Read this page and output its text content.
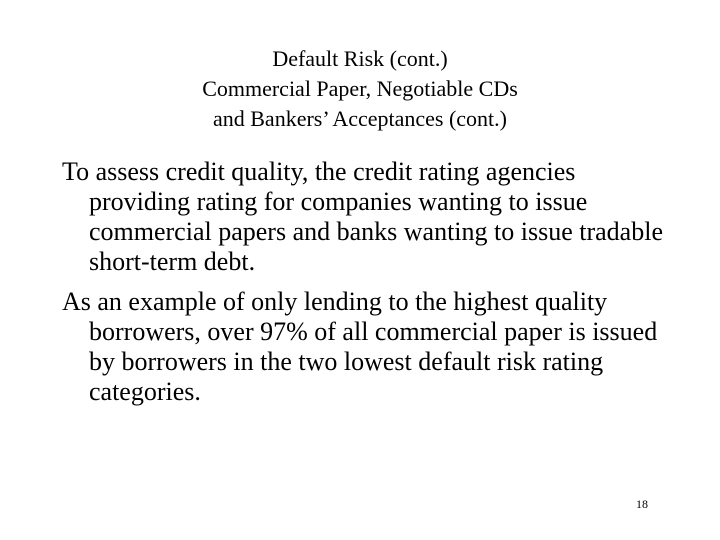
Default Risk (cont.)
Commercial Paper, Negotiable CDs
and Bankers’ Acceptances (cont.)

To assess credit quality, the credit rating agencies providing rating for companies wanting to issue commercial papers and banks wanting to issue tradable short-term debt.

As an example of only lending to the highest quality borrowers, over 97% of all commercial paper is issued by borrowers in the two lowest default risk rating categories.

18
